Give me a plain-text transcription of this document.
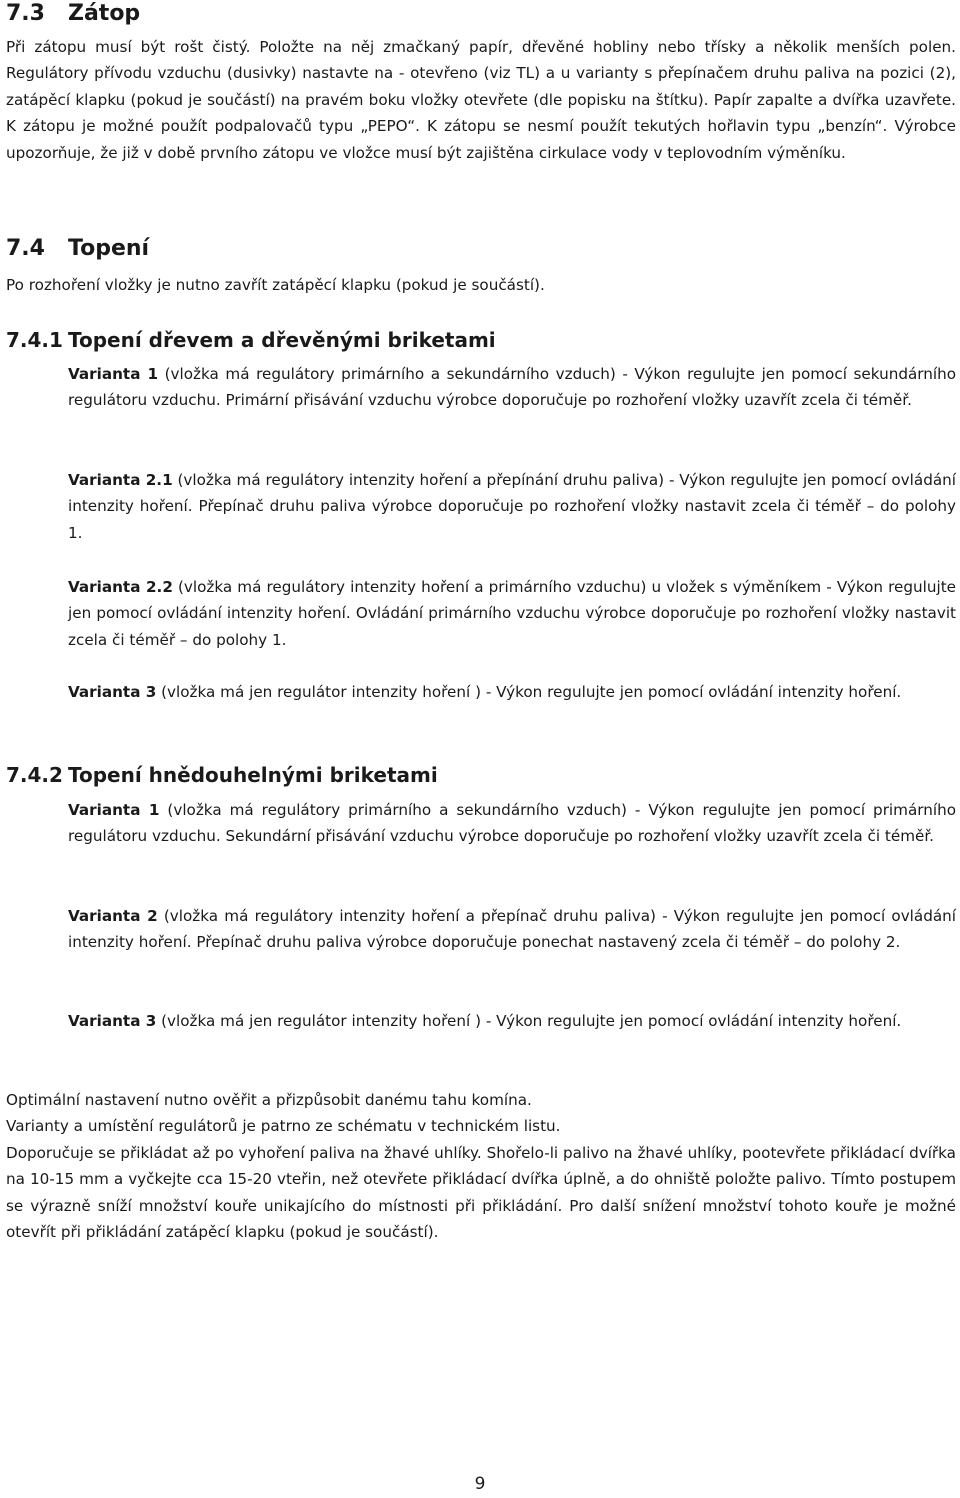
7.3 Zátop

Při zátopu musí být rošt čistý. Položte na něj zmačkaný papír, dřevěné hobliny nebo třísky a několik menších polen. Regulátory přívodu vzduchu (dusivky) nastavte na - otevřeno (viz TL) a u varianty s přepínačem druhu paliva na pozici (2), zatápěcí klapku (pokud je součástí) na pravém boku vložky otevřete (dle popisku na štítku). Papír zapalte a dvířka uzavřete. K zátopu je možné použít podpalovačů typu „PEPO“. K zátopu se nesmí použít tekutých hořlavin typu „benzín“. Výrobce upozorňuje, že již v době prvního zátopu ve vložce musí být zajištěna cirkulace vody v teplovodním výměníku.

7.4 Topení

Po rozhoření vložky je nutno zavřít zatápěcí klapku (pokud je součástí).

7.4.1 Topení dřevem a dřevěnými briketami

Varianta 1 (vložka má regulátory primárního a sekundárního vzduch) - Výkon regulujte jen pomocí sekundárního regulátoru vzduchu. Primární přisávání vzduchu výrobce doporučuje po rozhoření vložky uzavřít zcela či téměř.

Varianta 2.1 (vložka má regulátory intenzity hoření a přepínání druhu paliva) - Výkon regulujte jen pomocí ovládání intenzity hoření. Přepínač druhu paliva výrobce doporučuje po rozhoření vložky nastavit zcela či téměř – do polohy 1.

Varianta 2.2 (vložka má regulátory intenzity hoření a primárního vzduchu) u vložek s výměníkem - Výkon regulujte jen pomocí ovládání intenzity hoření. Ovládání primárního vzduchu výrobce doporučuje po rozhoření vložky nastavit zcela či téměř – do polohy 1.

Varianta 3 (vložka má jen regulátor intenzity hoření ) - Výkon regulujte jen pomocí ovládání intenzity hoření.

7.4.2 Topení hnědouhelnými briketami

Varianta 1 (vložka má regulátory primárního a sekundárního vzduch) - Výkon regulujte jen pomocí primárního regulátoru vzduchu. Sekundární přisávání vzduchu výrobce doporučuje po rozhoření vložky uzavřít zcela či téměř.

Varianta 2 (vložka má regulátory intenzity hoření a přepínač druhu paliva) - Výkon regulujte jen pomocí ovládání intenzity hoření. Přepínač druhu paliva výrobce doporučuje ponechat nastavený zcela či téměř – do polohy 2.

Varianta 3 (vložka má jen regulátor intenzity hoření ) - Výkon regulujte jen pomocí ovládání intenzity hoření.

Optimální nastavení nutno ověřit a přizpůsobit danému tahu komína.

Varianty a umístění regulátorů je patrno ze schématu v technickém listu.

Doporučuje se přikládat až po vyhoření paliva na žhavé uhlíky. Shořelo-li palivo na žhavé uhlíky, pootevřete přikládací dvířka na 10-15 mm a vyčkejte cca 15-20 vteřin, než otevřete přikládací dvířka úplně, a do ohniště položte palivo. Tímto postupem se výrazně sníží množství kouře unikajícího do místnosti při přikládání. Pro další snížení množství tohoto kouře je možné otevřít při přikládání zatápěcí klapku (pokud je součástí).

9
